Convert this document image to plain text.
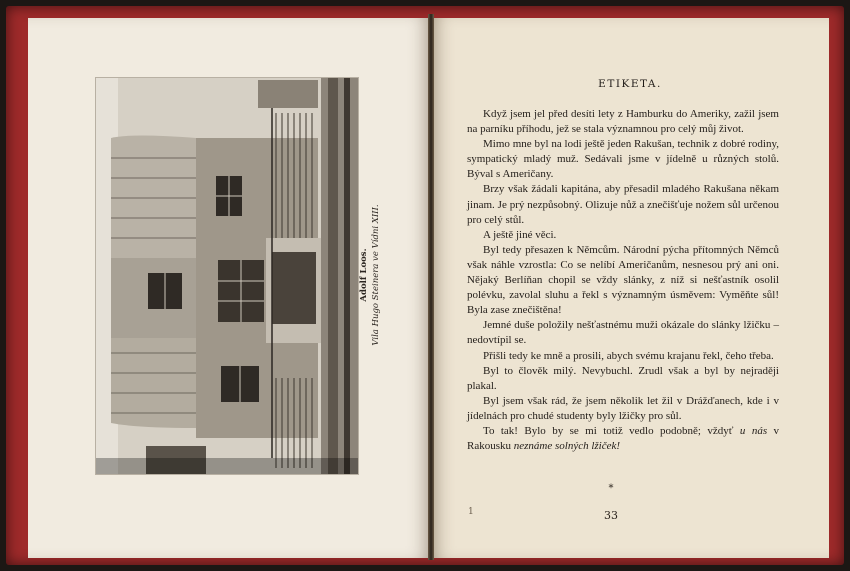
Adolf Loos. Vila Hugo Steinera ve Vídni XIII.
ETIKETA.

Když jsem jel před desíti lety z Hamburku do Ameriky, zažil jsem na parníku příhodu, jež se stala významnou pro celý můj život.

Mimo mne byl na lodi ještě jeden Rakušan, technik z dobré rodiny, sympatický mladý muž. Sedávali jsme v jídelně u různých stolů. Býval s Američany.

Brzy však žádali kapitána, aby přesadil mladého Rakušana někam jinam. Je prý nezpůsobný. Olizuje nůž a znečišťuje nožem sůl určenou pro celý stůl.

A ještě jiné věci.

Byl tedy přesazen k Němcům. Národní pýcha přítomných Němců však náhle vzrostla: Co se nelíbí Američanům, nesnesou prý ani oni. Nějaký Berlíňan chopil se vždy slánky, z níž si nešťastník osolil polévku, zavolal sluhu a řekl s významným úsměvem: Vyměňte sůl! Byla zase znečištěna!

Jemné duše položily nešťastnému muži okázale do slánky lžičku – nedovtípil se.

Přišli tedy ke mně a prosili, abych svému krajanu řekl, čeho třeba.

Byl to člověk milý. Nevybuchl. Zrudl však a byl by nejraději plakal.

Byl jsem však rád, že jsem několik let žil v Drážďanech, kde i v jídelnách pro chudé studenty byly lžičky pro sůl.

To tak! Bylo by se mi totiž vedlo podobně; vždyť u nás v Rakousku neznáme solných lžiček!

*
1	33
